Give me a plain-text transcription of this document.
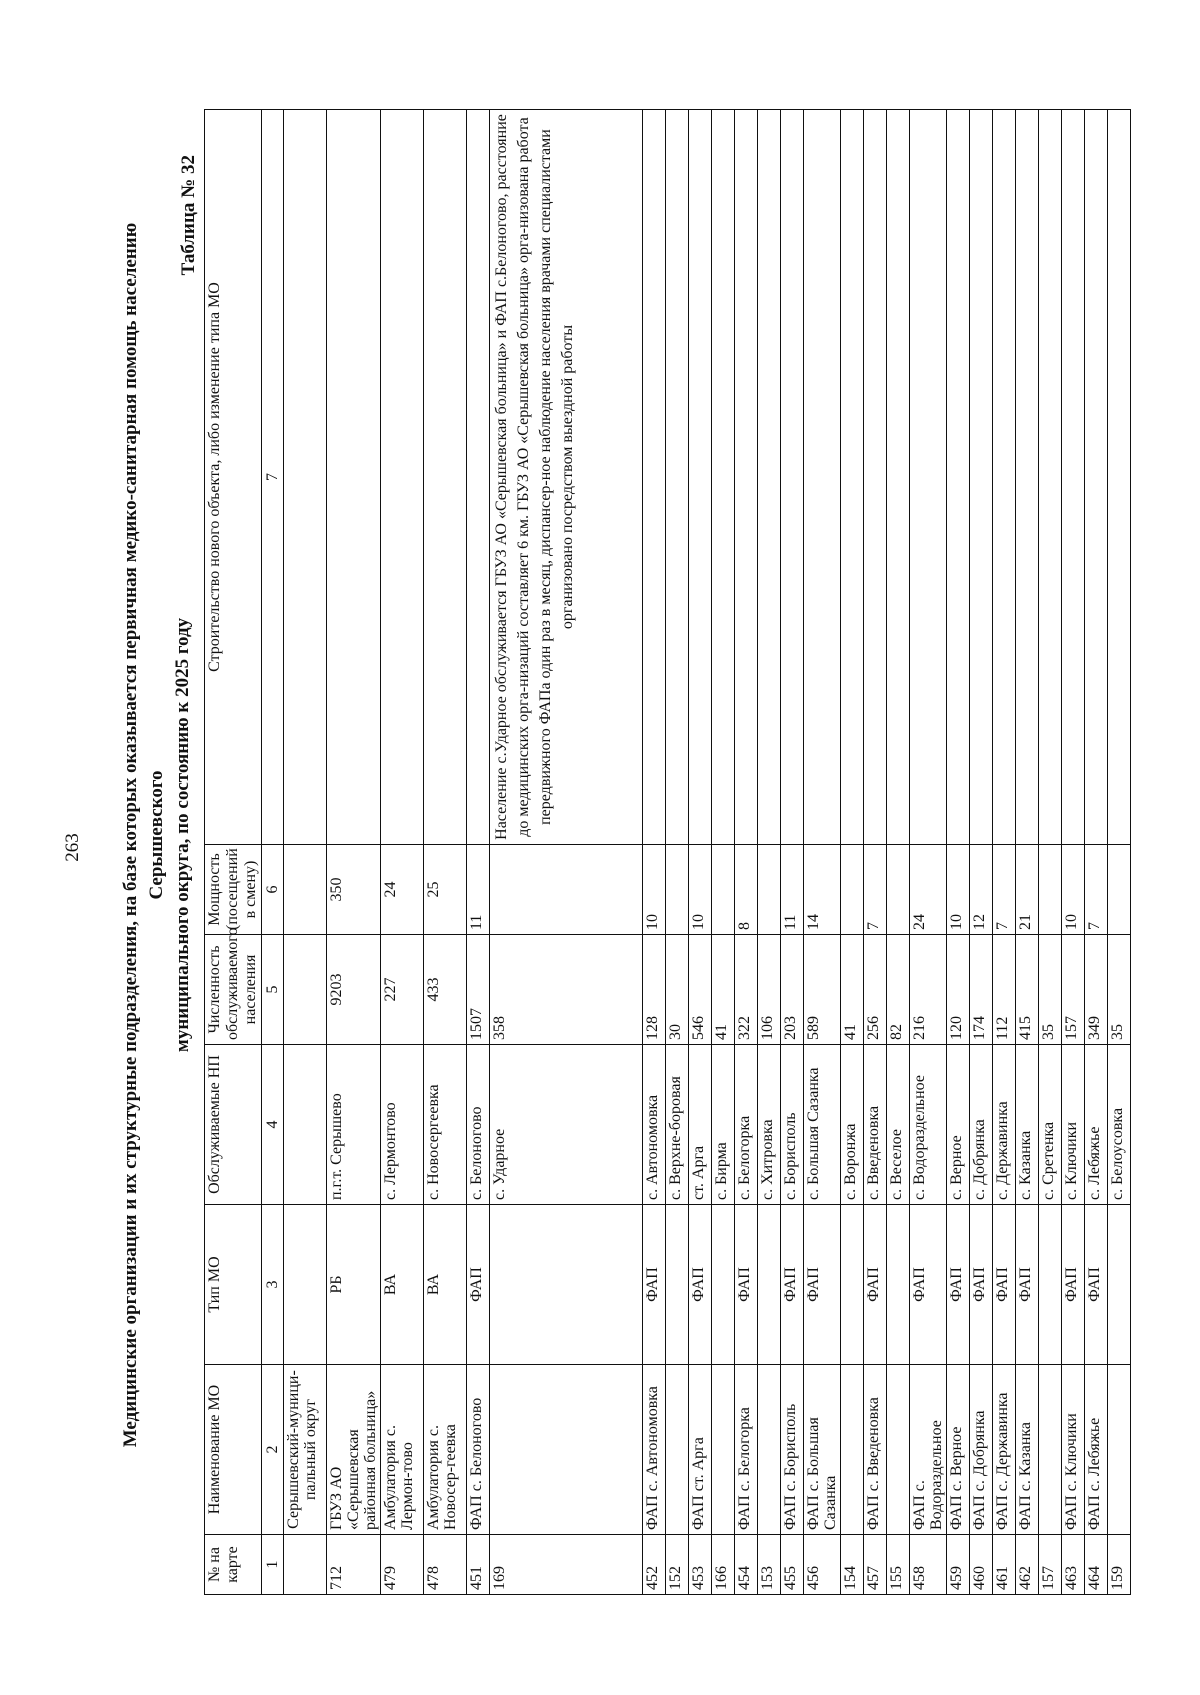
263 Медицинские организации и их структурные подразделения, на базе которых оказывается первичная медико-санитарная помощь населению Серышевского муниципального округа, по состоянию к 2025 году
Таблица № 32
№ на карте	Наименование МО	Тип МО	Обслуживаемые НП	Численность обслуживаемого населения	Мощность (посещений в смену)	Строительство нового объекта, либо изменение типа МО
1	2	3	4	5	6	7
	Серышевский-муници-пальный округ					
712	ГБУЗ АО «Серышевская районная больница»	РБ	п.г.т. Серышево	9203	350	
479	Амбулатория с. Лермон-тово	ВА	с. Лермонтово	227	24	
478	Амбулатория с. Новосер-геевка	ВА	с. Новосергеевка	433	25	
451	ФАП с. Белоногово	ФАП	с. Белоногово	1507	11	
169			с. Ударное	358		Население с.Ударное обслуживается ГБУЗ АО «Серышевская больница» и ФАП с.Белоногово, расстояние до медицинских орга-низаций составляет 6 км. ГБУЗ АО «Серышевская больница» орга-низована работа передвижного ФАПа один раз в месяц, диспансер-ное наблюдение населения врачами специалистами организовано посредством выездной работы
452	ФАП с. Автономовка	ФАП	с. Автономовка	128	10	
152			с. Верхне-боровая	30		
453	ФАП ст. Арга	ФАП	ст. Арга	546	10	
166			с. Бирма	41		
454	ФАП с. Белогорка	ФАП	с. Белогорка	322	8	
153			с. Хитровка	106		
455	ФАП с. Борисполь	ФАП	с. Борисполь	203	11	
456	ФАП с. Большая Сазанка	ФАП	с. Большая Сазанка	589	14	
154			с. Воронжа	41		
457	ФАП с. Введеновка	ФАП	с. Введеновка	256	7	
155			с. Веселое	82		
458	ФАП с. Водораздельное	ФАП	с. Водораздельное	216	24	
459	ФАП с. Верное	ФАП	с. Верное	120	10	
460	ФАП с. Добрянка	ФАП	с. Добрянка	174	12	
461	ФАП с. Державинка	ФАП	с. Державинка	112	7	
462	ФАП с. Казанка	ФАП	с. Казанка	415	21	
157			с. Сретенка	35		
463	ФАП с. Ключики	ФАП	с. Ключики	157	10	
464	ФАП с. Лебяжье	ФАП	с. Лебяжье	349	7	
159			с. Белоусовка	35		
